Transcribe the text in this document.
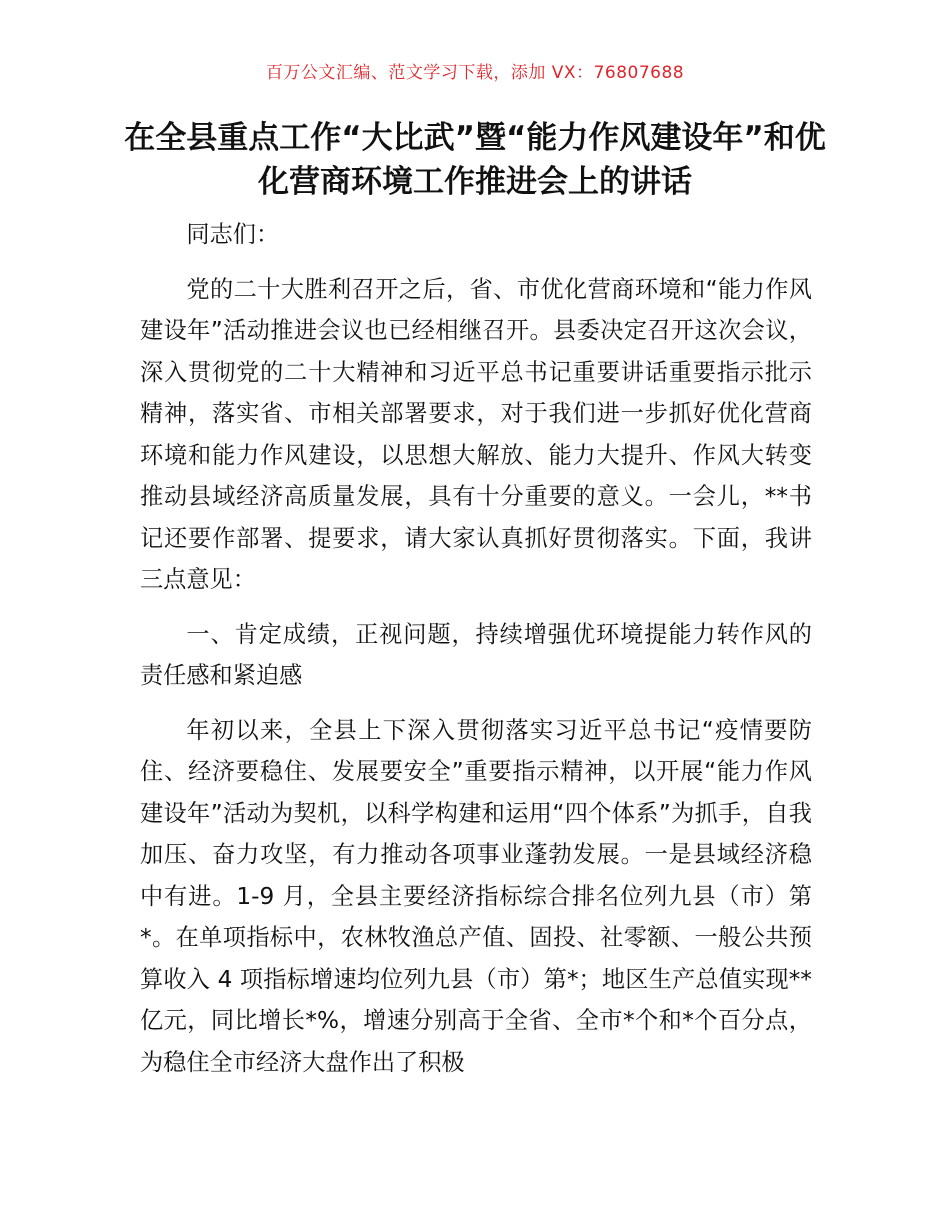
百万公文汇编、范文学习下载，添加 VX：76807688
在全县重点工作“大比武”暨“能力作风建设年”和优化营商环境工作推进会上的讲话

同志们：

党的二十大胜利召开之后，省、市优化营商环境和“能力作风建设年”活动推进会议也已经相继召开。县委决定召开这次会议，深入贯彻党的二十大精神和习近平总书记重要讲话重要指示批示精神，落实省、市相关部署要求，对于我们进一步抓好优化营商环境和能力作风建设，以思想大解放、能力大提升、作风大转变推动县域经济高质量发展，具有十分重要的意义。一会儿，**书记还要作部署、提要求，请大家认真抓好贯彻落实。下面，我讲三点意见：

一、肯定成绩，正视问题，持续增强优环境提能力转作风的责任感和紧迫感

年初以来，全县上下深入贯彻落实习近平总书记“疫情要防住、经济要稳住、发展要安全”重要指示精神，以开展“能力作风建设年”活动为契机，以科学构建和运用“四个体系”为抓手，自我加压、奋力攻坚，有力推动各项事业蓬勃发展。一是县域经济稳中有进。1-9 月，全县主要经济指标综合排名位列九县（市）第*。在单项指标中，农林牧渔总产值、固投、社零额、一般公共预算收入 4 项指标增速均位列九县（市）第*；地区生产总值实现**亿元，同比增长*%，增速分别高于全省、全市*个和*个百分点，为稳住全市经济大盘作出了积极
